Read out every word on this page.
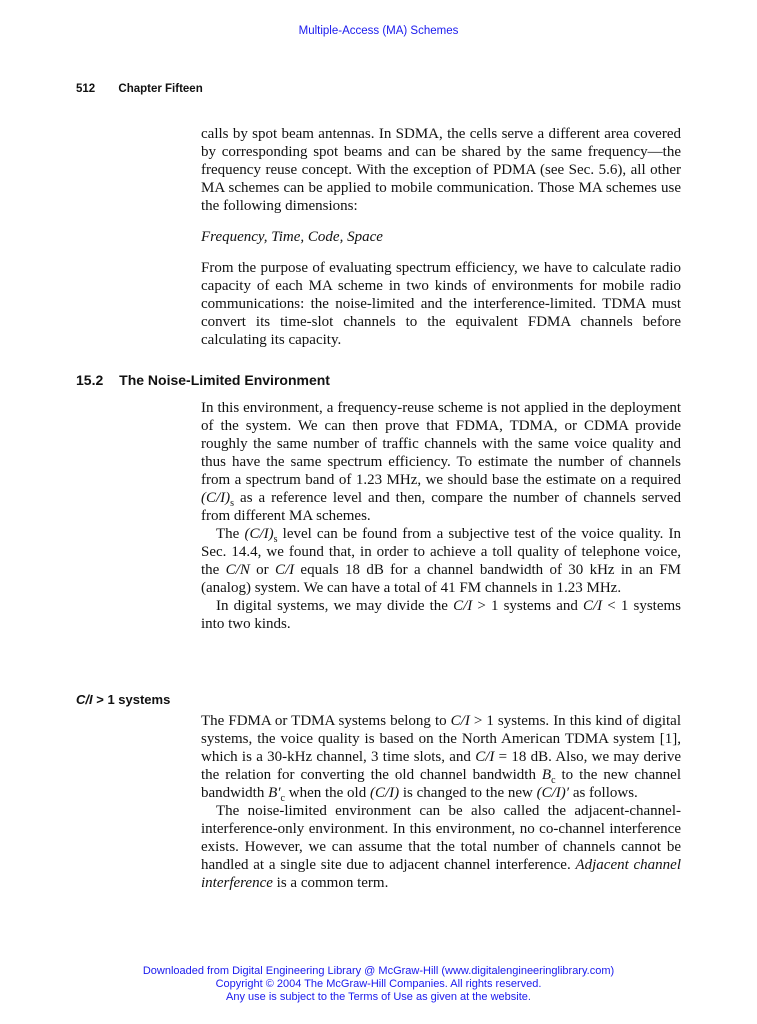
Multiple-Access (MA) Schemes
512 Chapter Fifteen

calls by spot beam antennas. In SDMA, the cells serve a different area covered by corresponding spot beams and can be shared by the same frequency—the frequency reuse concept. With the exception of PDMA (see Sec. 5.6), all other MA schemes can be applied to mobile communication. Those MA schemes use the following dimensions:

Frequency, Time, Code, Space

From the purpose of evaluating spectrum efficiency, we have to calculate radio capacity of each MA scheme in two kinds of environments for mobile radio communications: the noise-limited and the interference-limited. TDMA must convert its time-slot channels to the equivalent FDMA channels before calculating its capacity.

15.2 The Noise-Limited Environment

In this environment, a frequency-reuse scheme is not applied in the deployment of the system. We can then prove that FDMA, TDMA, or CDMA provide roughly the same number of traffic channels with the same voice quality and thus have the same spectrum efficiency. To estimate the number of channels from a spectrum band of 1.23 MHz, we should base the estimate on a required $(C/I)_s$ as a reference level and then, compare the number of channels served from different MA schemes.

The $(C/I)_s$ level can be found from a subjective test of the voice quality. In Sec. 14.4, we found that, in order to achieve a toll quality of telephone voice, the C/N or C/I equals 18 dB for a channel bandwidth of 30 kHz in an FM (analog) system. We can have a total of 41 FM channels in 1.23 MHz.

In digital systems, we may divide the C/I > 1 systems and C/I < 1 systems into two kinds.

C/I > 1 systems

The FDMA or TDMA systems belong to C/I > 1 systems. In this kind of digital systems, the voice quality is based on the North American TDMA system [1], which is a 30-kHz channel, 3 time slots, and C/I = 18 dB. Also, we may derive the relation for converting the old channel bandwidth $B_c$ to the new channel bandwidth $B'_c$ when the old (C/I) is changed to the new (C/I)′ as follows.

The noise-limited environment can be also called the adjacent-channel-interference-only environment. In this environment, no co-channel interference exists. However, we can assume that the total number of channels cannot be handled at a single site due to adjacent channel interference. Adjacent channel interference is a common term.

Downloaded from Digital Engineering Library @ McGraw-Hill (www.digitalengineeringlibrary.com)
Copyright © 2004 The McGraw-Hill Companies. All rights reserved.
Any use is subject to the Terms of Use as given at the website.
